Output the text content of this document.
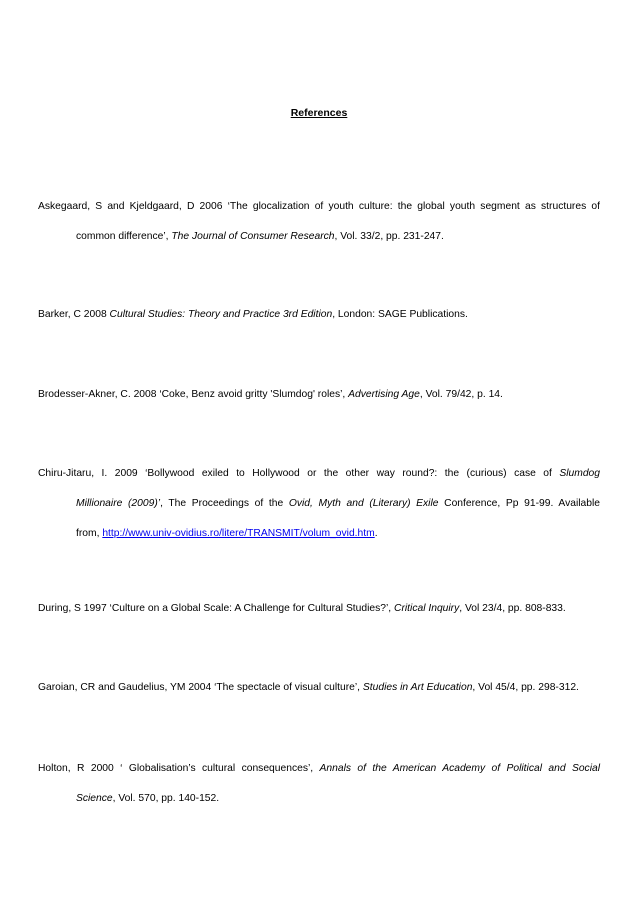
References
Askegaard, S and Kjeldgaard, D 2006 ‘The glocalization of youth culture: the global youth segment as structures of
common difference’, The Journal of Consumer Research, Vol. 33/2, pp. 231-247.
Barker, C 2008 Cultural Studies: Theory and Practice 3rd Edition, London: SAGE Publications.
Brodesser-Akner, C. 2008 ‘Coke, Benz avoid gritty 'Slumdog' roles’, Advertising Age, Vol. 79/42, p. 14.
Chiru-Jitaru, I. 2009 ‘Bollywood exiled to Hollywood or the other way round?: the (curious) case of Slumdog
Millionaire (2009)’, The Proceedings of the Ovid, Myth and (Literary) Exile Conference, Pp 91-99. Available
from, http://www.univ-ovidius.ro/litere/TRANSMIT/volum_ovid.htm.
During, S 1997 ‘Culture on a Global Scale: A Challenge for Cultural Studies?’, Critical Inquiry, Vol 23/4, pp. 808-833.
Garoian, CR and Gaudelius, YM 2004 ‘The spectacle of visual culture’, Studies in Art Education, Vol 45/4, pp. 298-312.
Holton, R 2000 ‘ Globalisation’s cultural consequences’, Annals of the American Academy of Political and Social
Science, Vol. 570, pp. 140-152.
